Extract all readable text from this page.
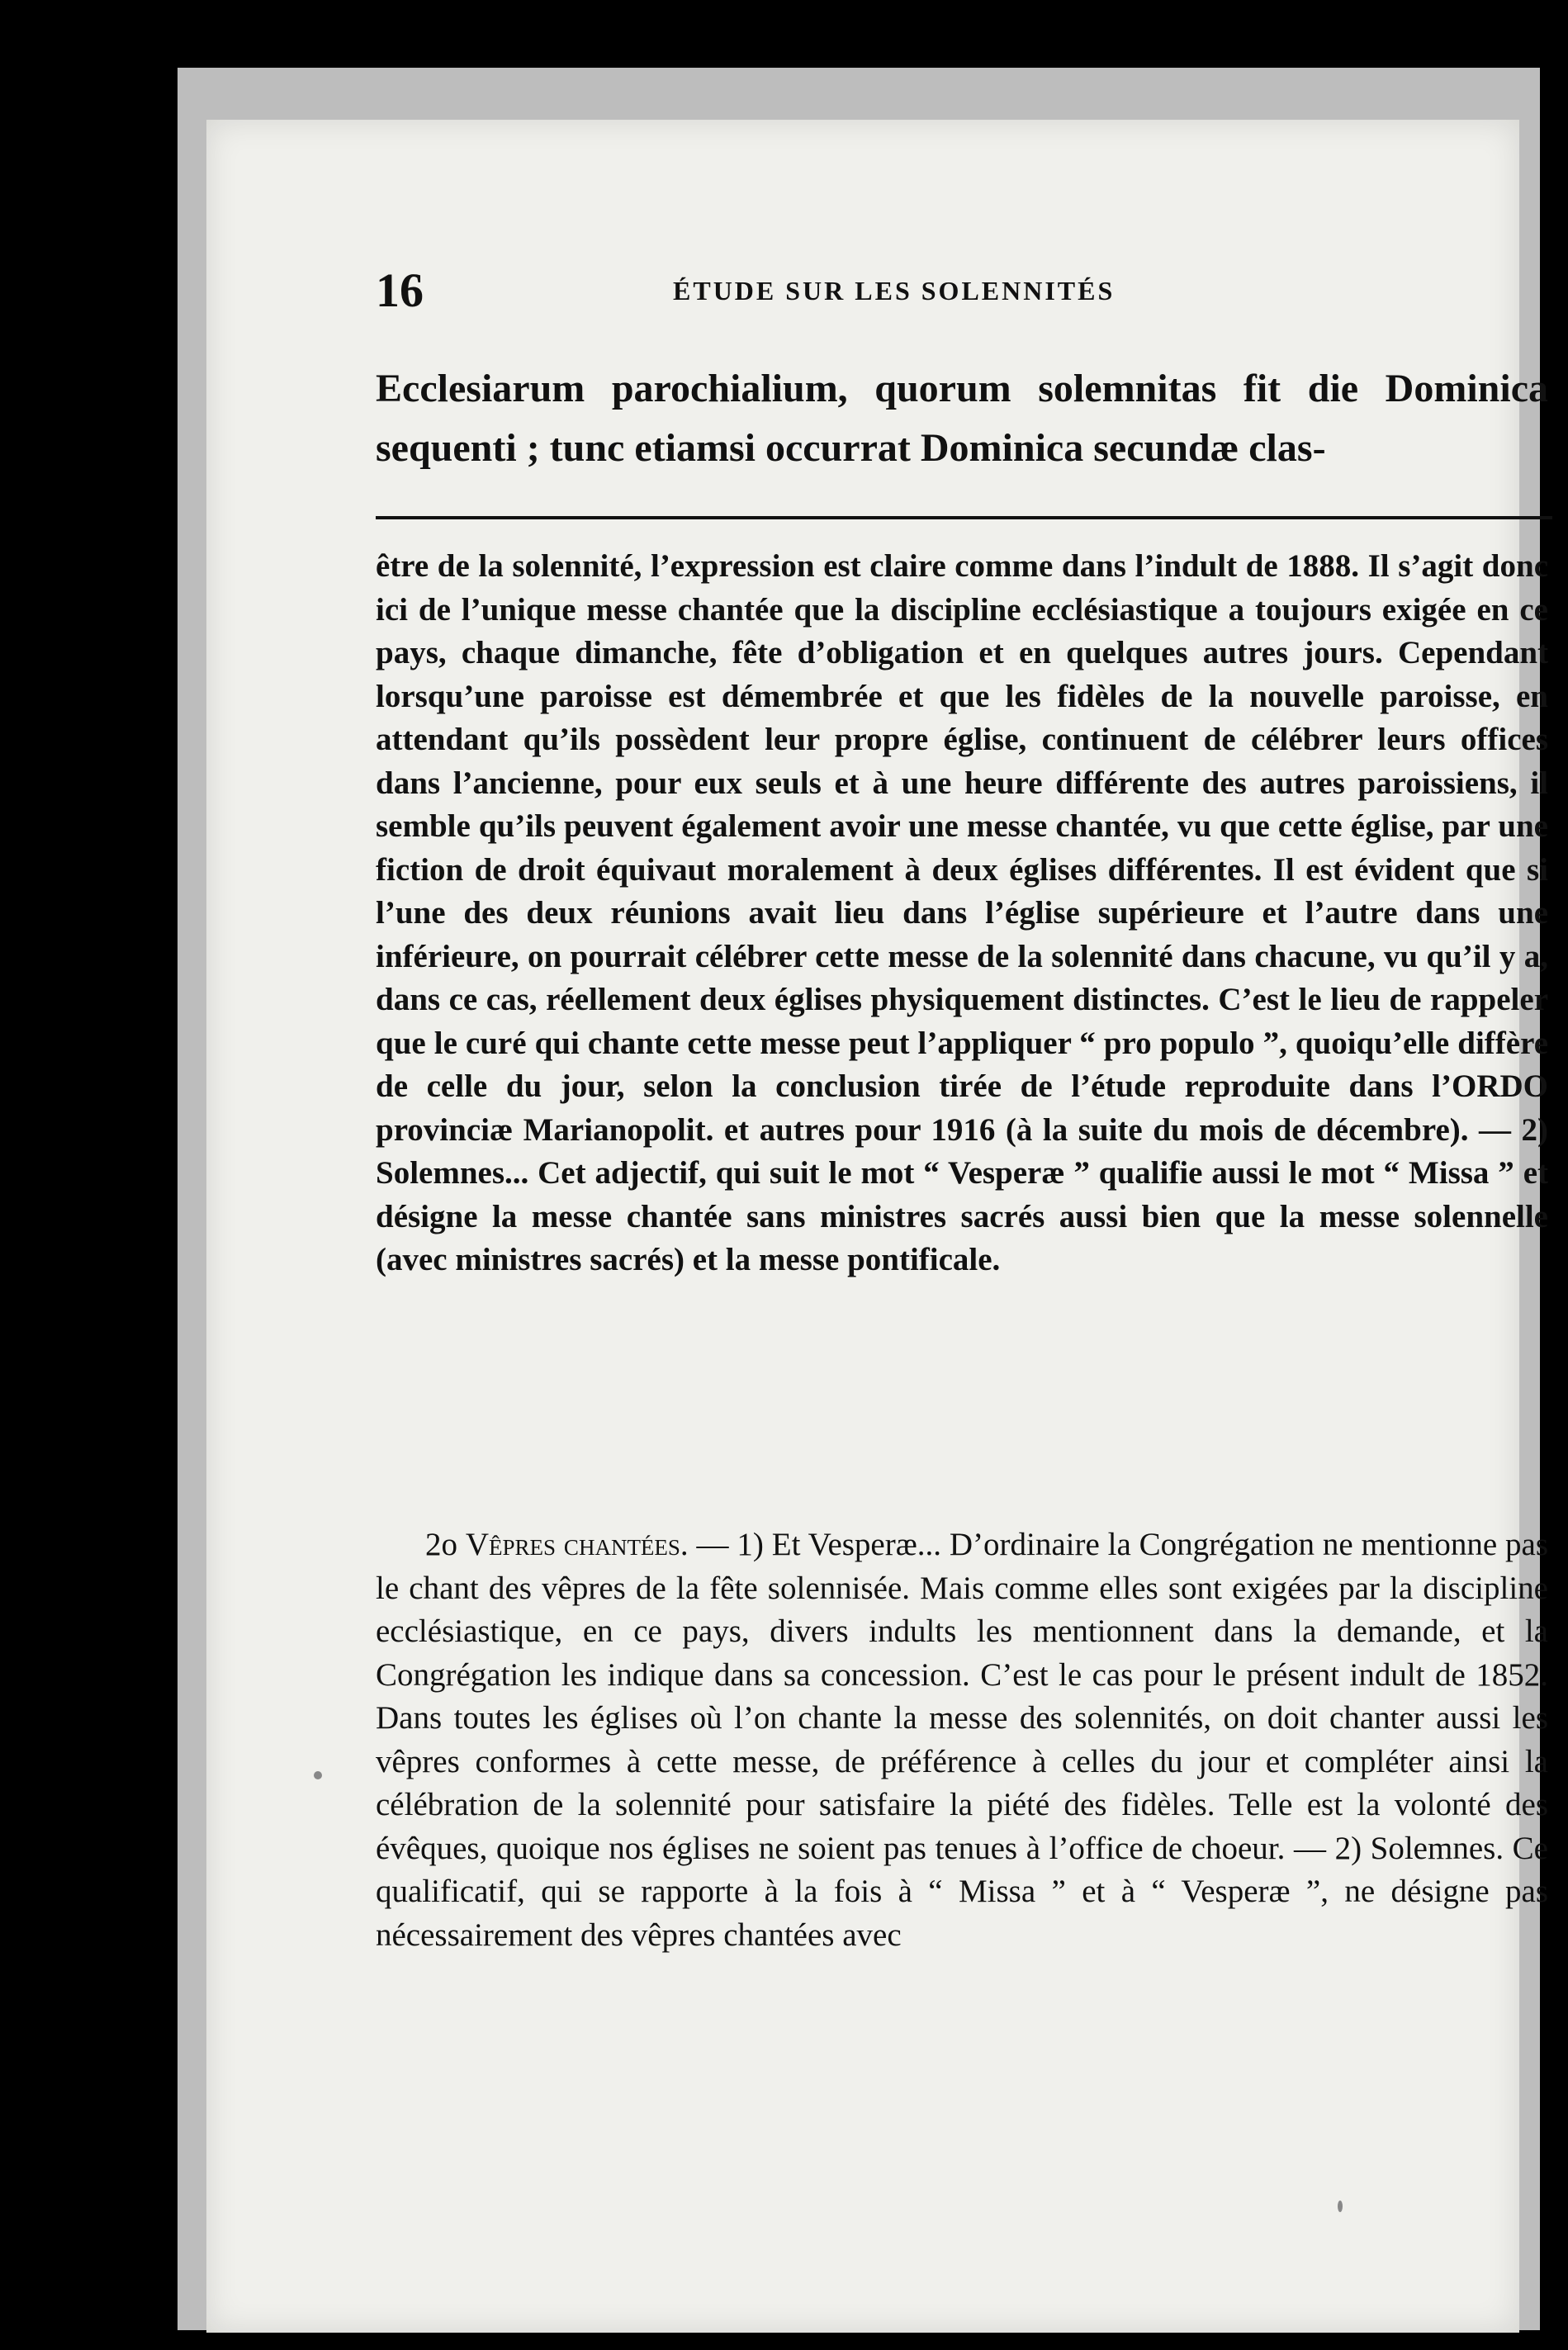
16	ÉTUDE SUR LES SOLENNITÉS
Ecclesiarum parochialium, quorum solemnitas fit die Dominica sequenti ; tunc etiamsi occurrat Dominica secundæ clas-
être de la solennité, l’expression est claire comme dans l’indult de 1888. Il s’agit donc ici de l’unique messe chantée que la discipline ecclésiastique a toujours exigée en ce pays, chaque dimanche, fête d’obligation et en quelques autres jours. Cependant lorsqu’une paroisse est démembrée et que les fidèles de la nouvelle paroisse, en attendant qu’ils possèdent leur propre église, continuent de célébrer leurs offices dans l’ancienne, pour eux seuls et à une heure différente des autres paroissiens, il semble qu’ils peuvent également avoir une messe chantée, vu que cette église, par une fiction de droit équivaut moralement à deux églises différentes. Il est évident que si l’une des deux réunions avait lieu dans l’église supérieure et l’autre dans une inférieure, on pourrait célébrer cette messe de la solennité dans chacune, vu qu’il y a, dans ce cas, réellement deux églises physiquement distinctes. C’est le lieu de rappeler que le curé qui chante cette messe peut l’appliquer “ pro populo ”, quoiqu’elle diffère de celle du jour, selon la conclusion tirée de l’étude reproduite dans l’ORDO provinciæ Marianopolit. et autres pour 1916 (à la suite du mois de décembre). — 2) Solemnes... Cet adjectif, qui suit le mot “ Vesperæ ” qualifie aussi le mot “ Missa ” et désigne la messe chantée sans ministres sacrés aussi bien que la messe solennelle (avec ministres sacrés) et la messe pontificale.
2o Vêpres chantées. — 1) Et Vesperæ... D’ordinaire la Congrégation ne mentionne pas le chant des vêpres de la fête solennisée. Mais comme elles sont exigées par la discipline ecclésiastique, en ce pays, divers indults les mentionnent dans la demande, et la Congrégation les indique dans sa concession. C’est le cas pour le présent indult de 1852. Dans toutes les églises où l’on chante la messe des solennités, on doit chanter aussi les vêpres conformes à cette messe, de préférence à celles du jour et compléter ainsi la célébration de la solennité pour satisfaire la piété des fidèles. Telle est la volonté des évêques, quoique nos églises ne soient pas tenues à l’office de choeur. — 2) Solemnes. Ce qualificatif, qui se rapporte à la fois à “ Missa ” et à “ Vesperæ ”, ne désigne pas nécessairement des vêpres chantées avec
